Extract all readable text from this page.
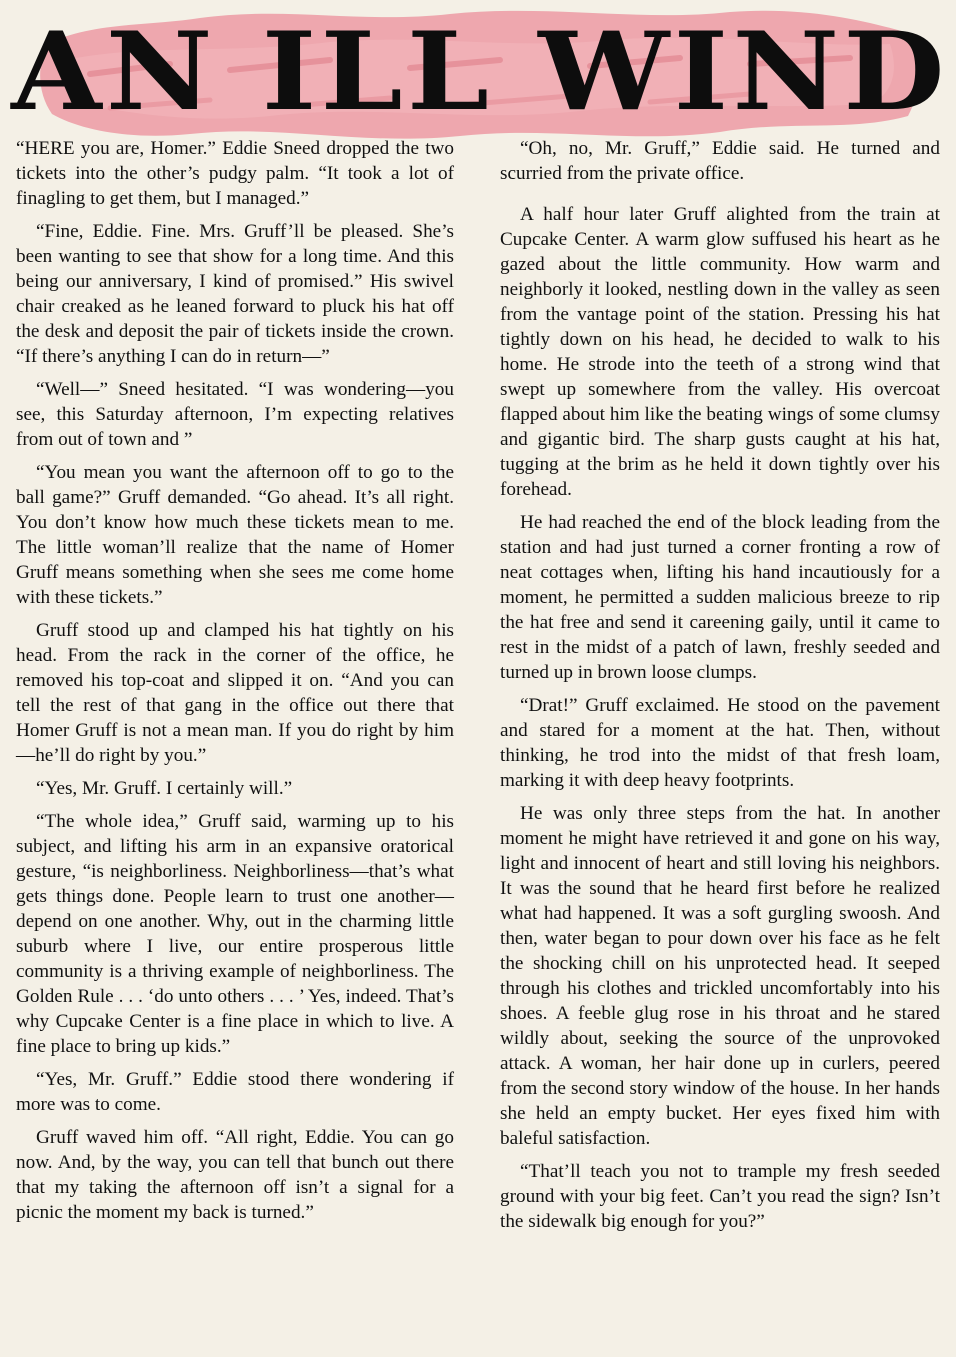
AN ILL WIND

“HERE you are, Homer.” Eddie Sneed dropped the two tickets into the other’s pudgy palm. “It took a lot of finagling to get them, but I managed.”

“Fine, Eddie. Fine. Mrs. Gruff’ll be pleased. She’s been wanting to see that show for a long time. And this being our anniversary, I kind of promised.” His swivel chair creaked as he leaned forward to pluck his hat off the desk and deposit the pair of tickets inside the crown. “If there’s anything I can do in return—”

“Well—” Sneed hesitated. “I was wondering—you see, this Saturday afternoon, I’m expecting relatives from out of town and ”

“You mean you want the afternoon off to go to the ball game?” Gruff demanded. “Go ahead. It’s all right. You don’t know how much these tickets mean to me. The little woman’ll realize that the name of Homer Gruff means something when she sees me come home with these tickets.”

Gruff stood up and clamped his hat tightly on his head. From the rack in the corner of the office, he removed his top-coat and slipped it on. “And you can tell the rest of that gang in the office out there that Homer Gruff is not a mean man. If you do right by him—he’ll do right by you.”

“Yes, Mr. Gruff. I certainly will.”

“The whole idea,” Gruff said, warming up to his subject, and lifting his arm in an expansive oratorical gesture, “is neighborliness. Neighborliness—that’s what gets things done. People learn to trust one another—depend on one another. Why, out in the charming little suburb where I live, our entire prosperous little community is a thriving example of neighborliness. The Golden Rule . . . ‘do unto others . . . ’ Yes, indeed. That’s why Cupcake Center is a fine place in which to live. A fine place to bring up kids.”

“Yes, Mr. Gruff.” Eddie stood there wondering if more was to come.

Gruff waved him off. “All right, Eddie. You can go now. And, by the way, you can tell that bunch out there that my taking the afternoon off isn’t a signal for a picnic the moment my back is turned.”

“Oh, no, Mr. Gruff,” Eddie said. He turned and scurried from the private office.

A half hour later Gruff alighted from the train at Cupcake Center. A warm glow suffused his heart as he gazed about the little community. How warm and neighborly it looked, nestling down in the valley as seen from the vantage point of the station. Pressing his hat tightly down on his head, he decided to walk to his home. He strode into the teeth of a strong wind that swept up somewhere from the valley. His overcoat flapped about him like the beating wings of some clumsy and gigantic bird. The sharp gusts caught at his hat, tugging at the brim as he held it down tightly over his forehead.

He had reached the end of the block leading from the station and had just turned a corner fronting a row of neat cottages when, lifting his hand incautiously for a moment, he permitted a sudden malicious breeze to rip the hat free and send it careening gaily, until it came to rest in the midst of a patch of lawn, freshly seeded and turned up in brown loose clumps.

“Drat!” Gruff exclaimed. He stood on the pavement and stared for a moment at the hat. Then, without thinking, he trod into the midst of that fresh loam, marking it with deep heavy footprints.

He was only three steps from the hat. In another moment he might have retrieved it and gone on his way, light and innocent of heart and still loving his neighbors. It was the sound that he heard first before he realized what had happened. It was a soft gurgling swoosh. And then, water began to pour down over his face as he felt the shocking chill on his unprotected head. It seeped through his clothes and trickled uncomfortably into his shoes. A feeble glug rose in his throat and he stared wildly about, seeking the source of the unprovoked attack. A woman, her hair done up in curlers, peered from the second story window of the house. In her hands she held an empty bucket. Her eyes fixed him with baleful satisfaction.

“That’ll teach you not to trample my fresh seeded ground with your big feet. Can’t you read the sign? Isn’t the sidewalk big enough for you?”
